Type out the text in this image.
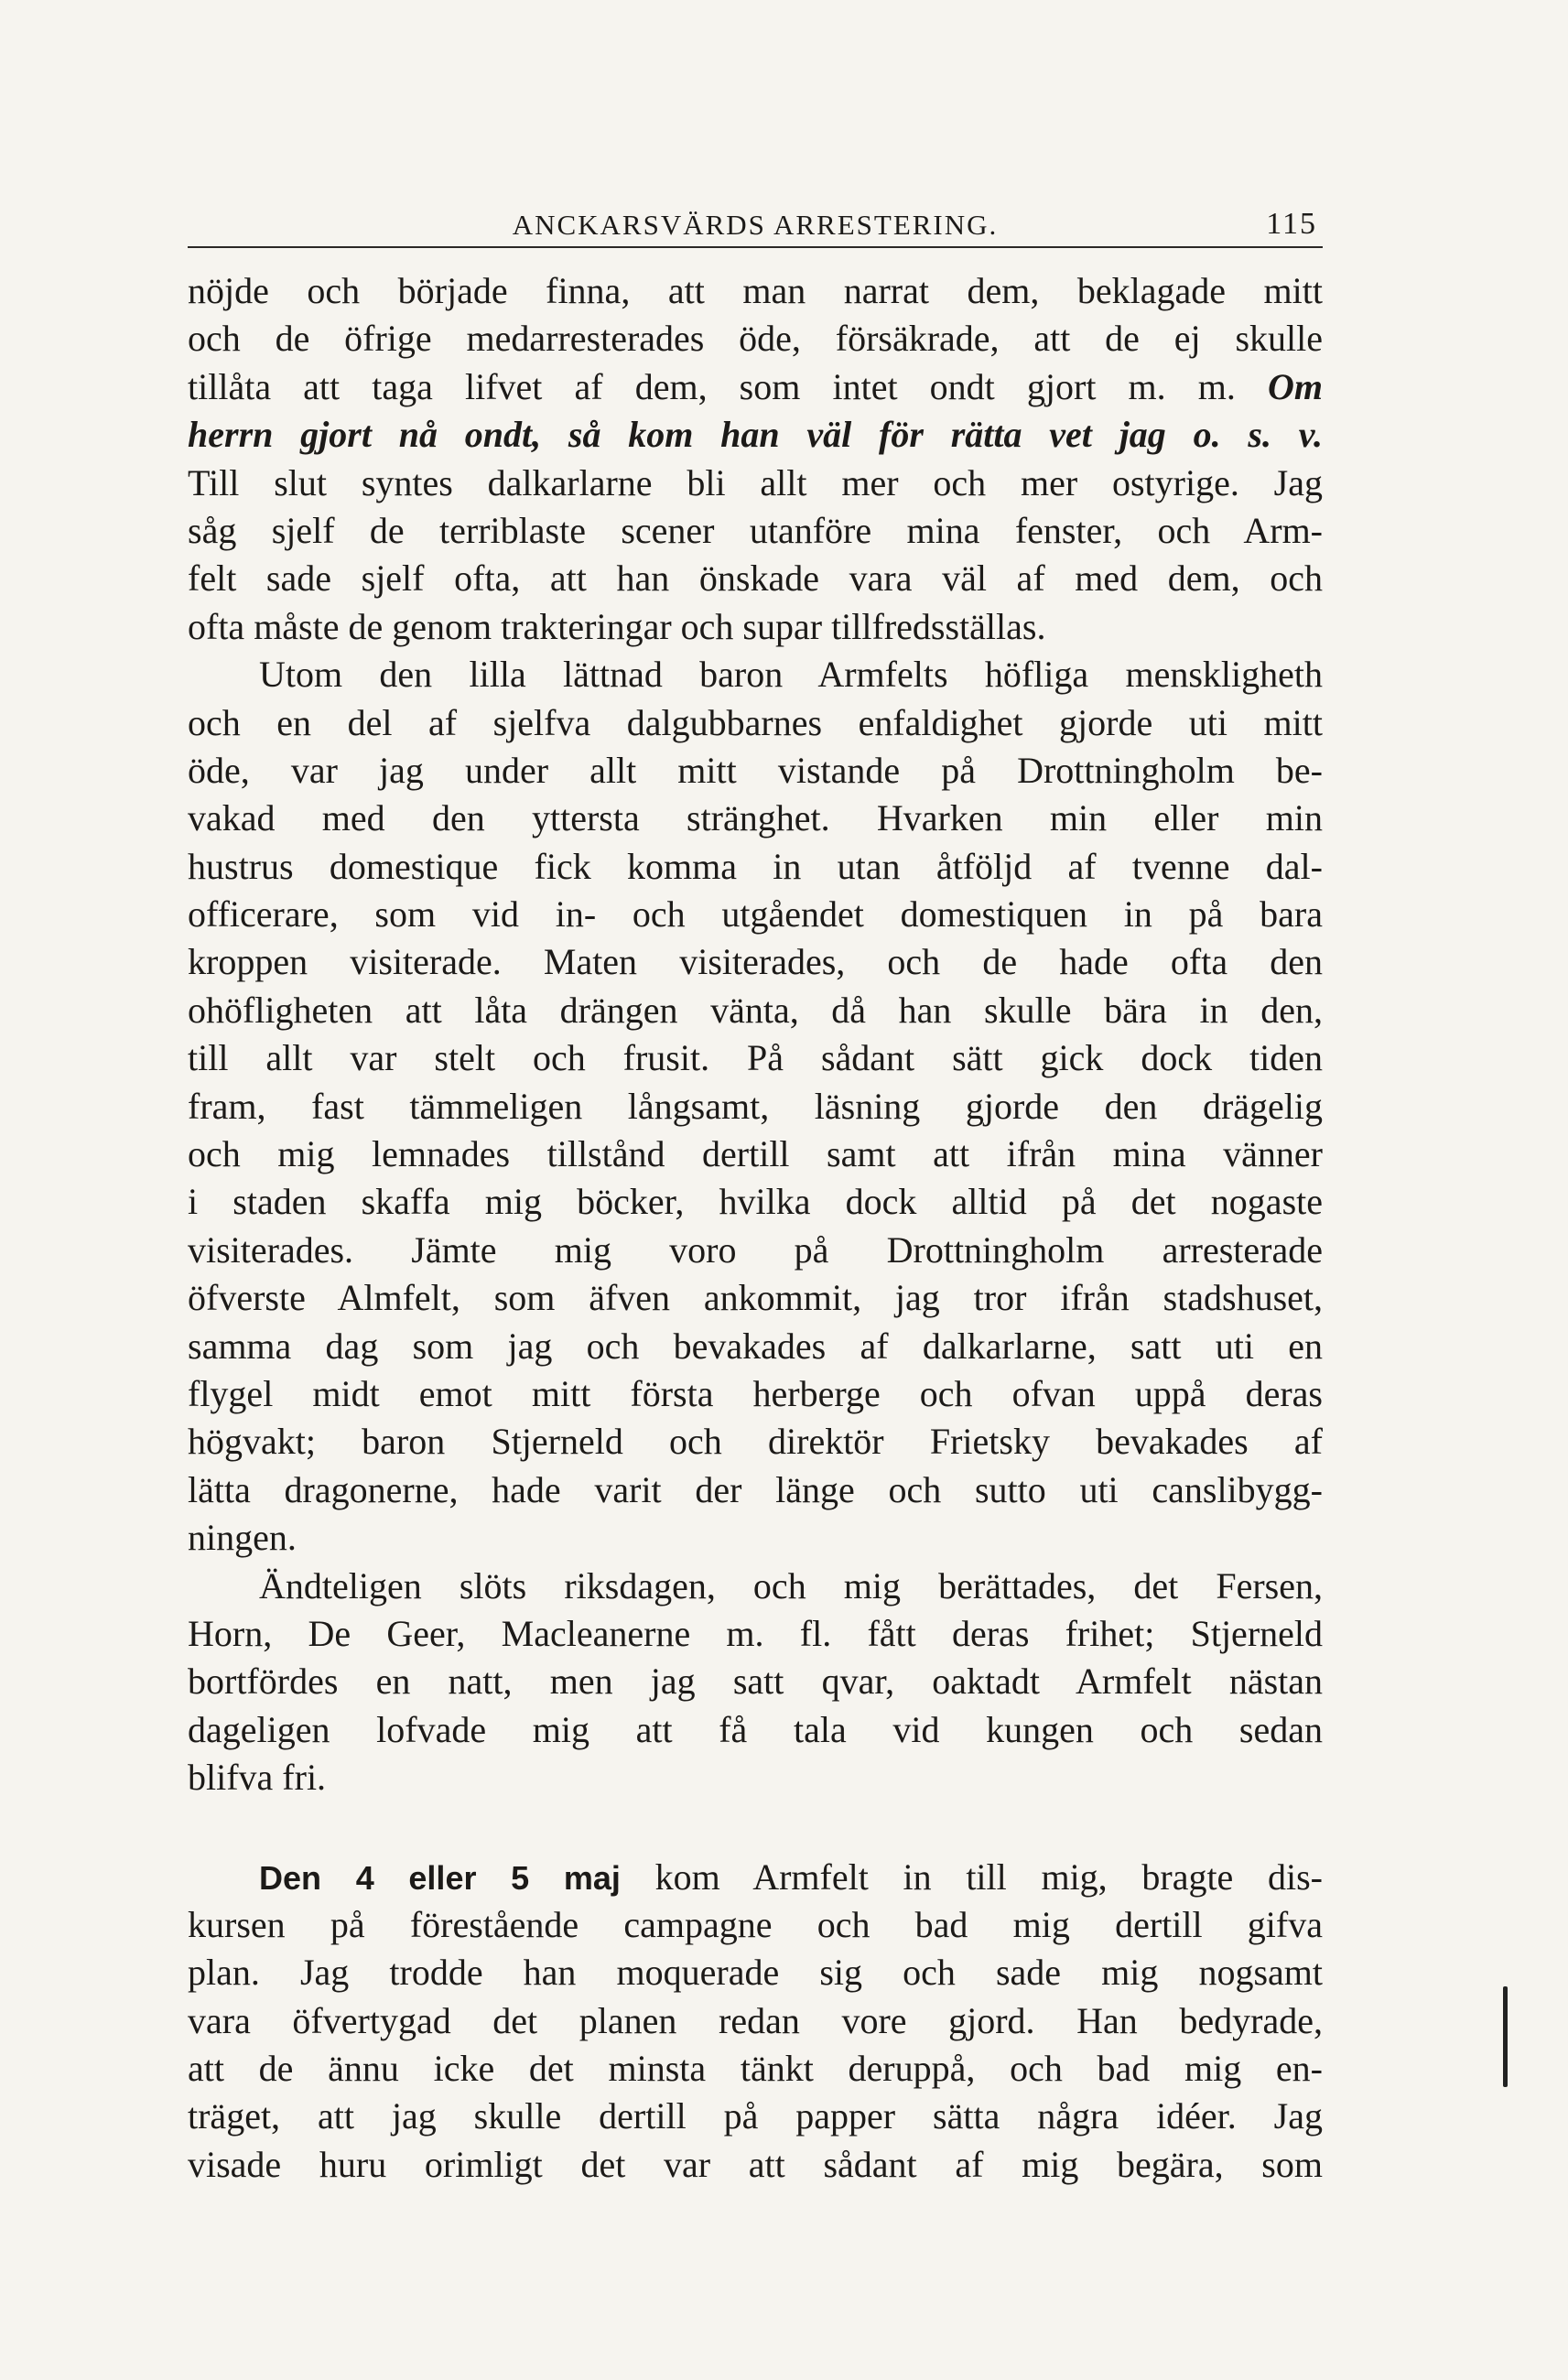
ANCKARSVÄRDS ARRESTERING.	115
nöjde och började finna, att man narrat dem, beklagade mitt
och de öfrige medarresterades öde, försäkrade, att de ej skulle
tillåta att taga lifvet af dem, som intet ondt gjort m. m. Om
herrn gjort nå ondt, så kom han väl för rätta vet jag o. s. v.
Till slut syntes dalkarlarne bli allt mer och mer ostyrige. Jag
såg sjelf de terriblaste scener utanföre mina fenster, och Arm-
felt sade sjelf ofta, att han önskade vara väl af med dem, och
ofta måste de genom trakteringar och supar tillfredsställas.
Utom den lilla lättnad baron Armfelts höfliga menskligheth
och en del af sjelfva dalgubbarnes enfaldighet gjorde uti mitt
öde, var jag under allt mitt vistande på Drottningholm be-
vakad med den yttersta stränghet. Hvarken min eller min
hustrus domestique fick komma in utan åtföljd af tvenne dal-
officerare, som vid in- och utgåendet domestiquen in på bara
kroppen visiterade. Maten visiterades, och de hade ofta den
ohöfligheten att låta drängen vänta, då han skulle bära in den,
till allt var stelt och frusit. På sådant sätt gick dock tiden
fram, fast tämmeligen långsamt, läsning gjorde den drägelig
och mig lemnades tillstånd dertill samt att ifrån mina vänner
i staden skaffa mig böcker, hvilka dock alltid på det nogaste
visiterades. Jämte mig voro på Drottningholm arresterade
öfverste Almfelt, som äfven ankommit, jag tror ifrån stadshuset,
samma dag som jag och bevakades af dalkarlarne, satt uti en
flygel midt emot mitt första herberge och ofvan uppå deras
högvakt; baron Stjerneld och direktör Frietsky bevakades af
lätta dragonerne, hade varit der länge och sutto uti canslibygg-
ningen.
Ändteligen slöts riksdagen, och mig berättades, det Fersen,
Horn, De Geer, Macleanerne m. fl. fått deras frihet; Stjerneld
bortfördes en natt, men jag satt qvar, oaktadt Armfelt nästan
dageligen lofvade mig att få tala vid kungen och sedan
blifva fri.
Den 4 eller 5 maj kom Armfelt in till mig, bragte dis-
kursen på förestående campagne och bad mig dertill gifva
plan. Jag trodde han moquerade sig och sade mig nogsamt
vara öfvertygad det planen redan vore gjord. Han bedyrade,
att de ännu icke det minsta tänkt deruppå, och bad mig en-
träget, att jag skulle dertill på papper sätta några idéer. Jag
visade huru orimligt det var att sådant af mig begära, som
